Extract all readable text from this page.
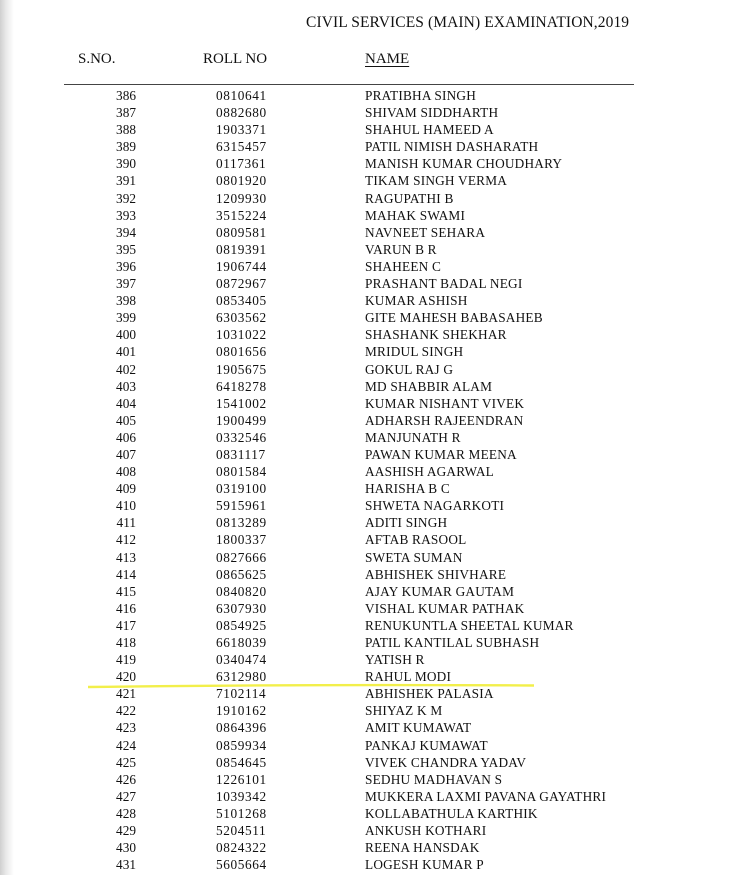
CIVIL SERVICES (MAIN) EXAMINATION,2019
S.NO.	ROLL NO	NAME
386	0810641	PRATIBHA SINGH
387	0882680	SHIVAM SIDDHARTH
388	1903371	SHAHUL HAMEED A
389	6315457	PATIL NIMISH DASHARATH
390	0117361	MANISH KUMAR CHOUDHARY
391	0801920	TIKAM SINGH VERMA
392	1209930	RAGUPATHI B
393	3515224	MAHAK SWAMI
394	0809581	NAVNEET SEHARA
395	0819391	VARUN B R
396	1906744	SHAHEEN C
397	0872967	PRASHANT BADAL NEGI
398	0853405	KUMAR ASHISH
399	6303562	GITE MAHESH BABASAHEB
400	1031022	SHASHANK SHEKHAR
401	0801656	MRIDUL SINGH
402	1905675	GOKUL RAJ G
403	6418278	MD SHABBIR ALAM
404	1541002	KUMAR NISHANT VIVEK
405	1900499	ADHARSH RAJEENDRAN
406	0332546	MANJUNATH R
407	0831117	PAWAN KUMAR MEENA
408	0801584	AASHISH AGARWAL
409	0319100	HARISHA B C
410	5915961	SHWETA NAGARKOTI
411	0813289	ADITI SINGH
412	1800337	AFTAB RASOOL
413	0827666	SWETA SUMAN
414	0865625	ABHISHEK SHIVHARE
415	0840820	AJAY KUMAR GAUTAM
416	6307930	VISHAL KUMAR PATHAK
417	0854925	RENUKUNTLA SHEETAL KUMAR
418	6618039	PATIL KANTILAL SUBHASH
419	0340474	YATISH R
420	6312980	RAHUL MODI
421	7102114	ABHISHEK PALASIA
422	1910162	SHIYAZ K M
423	0864396	AMIT KUMAWAT
424	0859934	PANKAJ KUMAWAT
425	0854645	VIVEK CHANDRA YADAV
426	1226101	SEDHU MADHAVAN S
427	1039342	MUKKERA LAXMI PAVANA GAYATHRI
428	5101268	KOLLABATHULA KARTHIK
429	5204511	ANKUSH KOTHARI
430	0824322	REENA HANSDAK
431	5605664	LOGESH KUMAR P
